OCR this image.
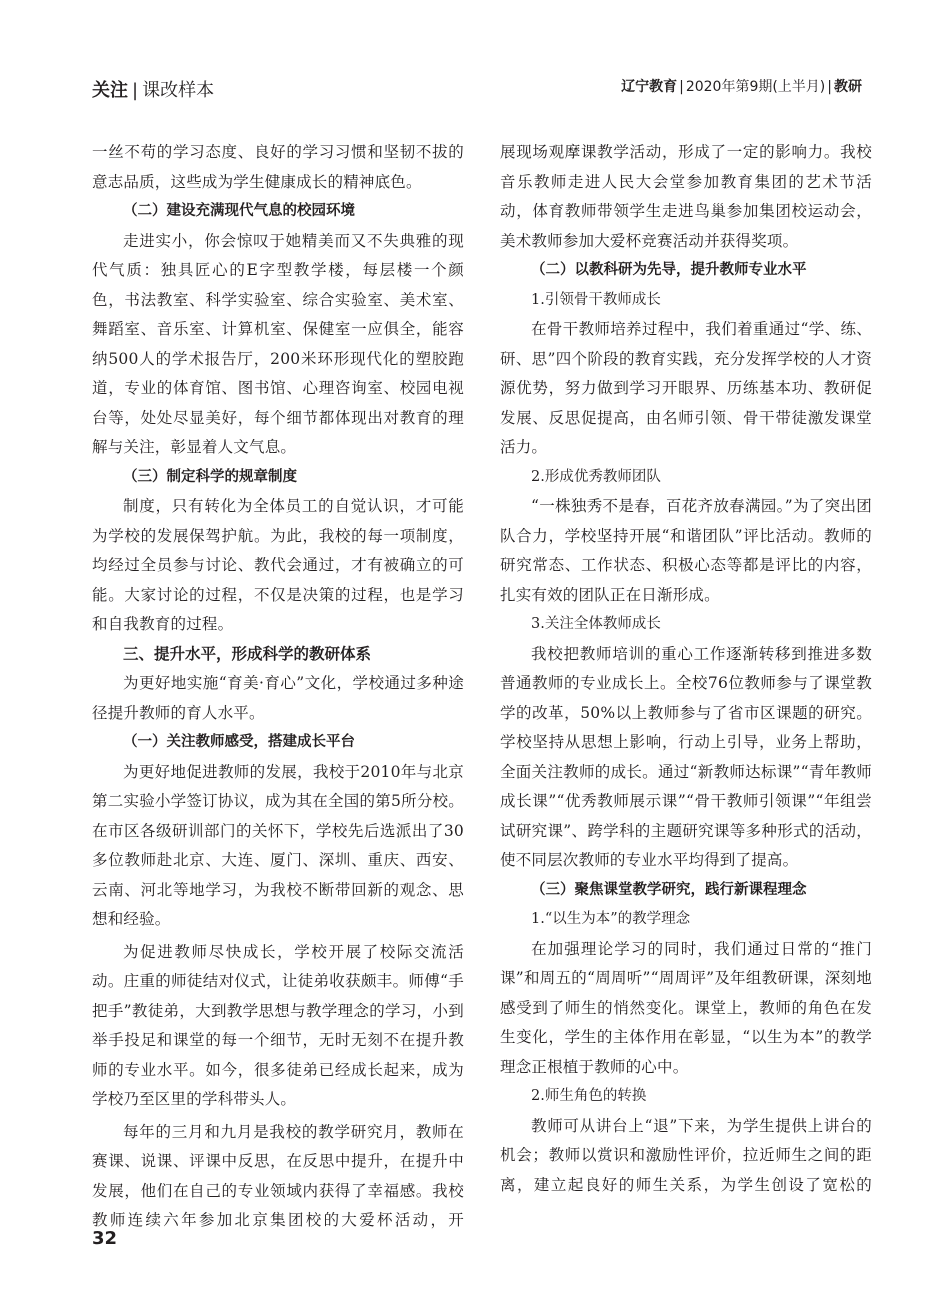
关注 | 课改样本	辽宁教育 | 2020年第9期(上半月) | 教研

一丝不苟的学习态度、良好的学习习惯和坚韧不拔的意志品质，这些成为学生健康成长的精神底色。

（二）建设充满现代气息的校园环境

走进实小，你会惊叹于她精美而又不失典雅的现代气质：独具匠心的E字型教学楼，每层楼一个颜色，书法教室、科学实验室、综合实验室、美术室、舞蹈室、音乐室、计算机室、保健室一应俱全，能容纳500人的学术报告厅，200米环形现代化的塑胶跑道，专业的体育馆、图书馆、心理咨询室、校园电视台等，处处尽显美好，每个细节都体现出对教育的理解与关注，彰显着人文气息。

（三）制定科学的规章制度

制度，只有转化为全体员工的自觉认识，才可能为学校的发展保驾护航。为此，我校的每一项制度，均经过全员参与讨论、教代会通过，才有被确立的可能。大家讨论的过程，不仅是决策的过程，也是学习和自我教育的过程。

三、提升水平，形成科学的教研体系

为更好地实施“育美·育心”文化，学校通过多种途径提升教师的育人水平。

（一）关注教师感受，搭建成长平台

为更好地促进教师的发展，我校于2010年与北京第二实验小学签订协议，成为其在全国的第5所分校。在市区各级研训部门的关怀下，学校先后选派出了30多位教师赴北京、大连、厦门、深圳、重庆、西安、云南、河北等地学习，为我校不断带回新的观念、思想和经验。

为促进教师尽快成长，学校开展了校际交流活动。庄重的师徒结对仪式，让徒弟收获颇丰。师傅“手把手”教徒弟，大到教学思想与教学理念的学习，小到举手投足和课堂的每一个细节，无时无刻不在提升教师的专业水平。如今，很多徒弟已经成长起来，成为学校乃至区里的学科带头人。

每年的三月和九月是我校的教学研究月，教师在赛课、说课、评课中反思，在反思中提升，在提升中发展，他们在自己的专业领域内获得了幸福感。我校教师连续六年参加北京集团校的大爱杯活动，开

展现场观摩课教学活动，形成了一定的影响力。我校音乐教师走进人民大会堂参加教育集团的艺术节活动，体育教师带领学生走进鸟巢参加集团校运动会，美术教师参加大爱杯竞赛活动并获得奖项。

（二）以教科研为先导，提升教师专业水平

1.引领骨干教师成长

在骨干教师培养过程中，我们着重通过“学、练、研、思”四个阶段的教育实践，充分发挥学校的人才资源优势，努力做到学习开眼界、历练基本功、教研促发展、反思促提高，由名师引领、骨干带徒激发课堂活力。

2.形成优秀教师团队

“一株独秀不是春，百花齐放春满园。”为了突出团队合力，学校坚持开展“和谐团队”评比活动。教师的研究常态、工作状态、积极心态等都是评比的内容，扎实有效的团队正在日渐形成。

3.关注全体教师成长

我校把教师培训的重心工作逐渐转移到推进多数普通教师的专业成长上。全校76位教师参与了课堂教学的改革，50%以上教师参与了省市区课题的研究。学校坚持从思想上影响，行动上引导，业务上帮助，全面关注教师的成长。通过“新教师达标课”“青年教师成长课”“优秀教师展示课”“骨干教师引领课”“年组尝试研究课”、跨学科的主题研究课等多种形式的活动，使不同层次教师的专业水平均得到了提高。

（三）聚焦课堂教学研究，践行新课程理念

1.“以生为本”的教学理念

在加强理论学习的同时，我们通过日常的“推门课”和周五的“周周听”“周周评”及年组教研课，深刻地感受到了师生的悄然变化。课堂上，教师的角色在发生变化，学生的主体作用在彰显，“以生为本”的教学理念正根植于教师的心中。

2.师生角色的转换

教师可从讲台上“退”下来，为学生提供上讲台的机会；教师以赏识和激励性评价，拉近师生之间的距离，建立起良好的师生关系，为学生创设了宽松的

32
